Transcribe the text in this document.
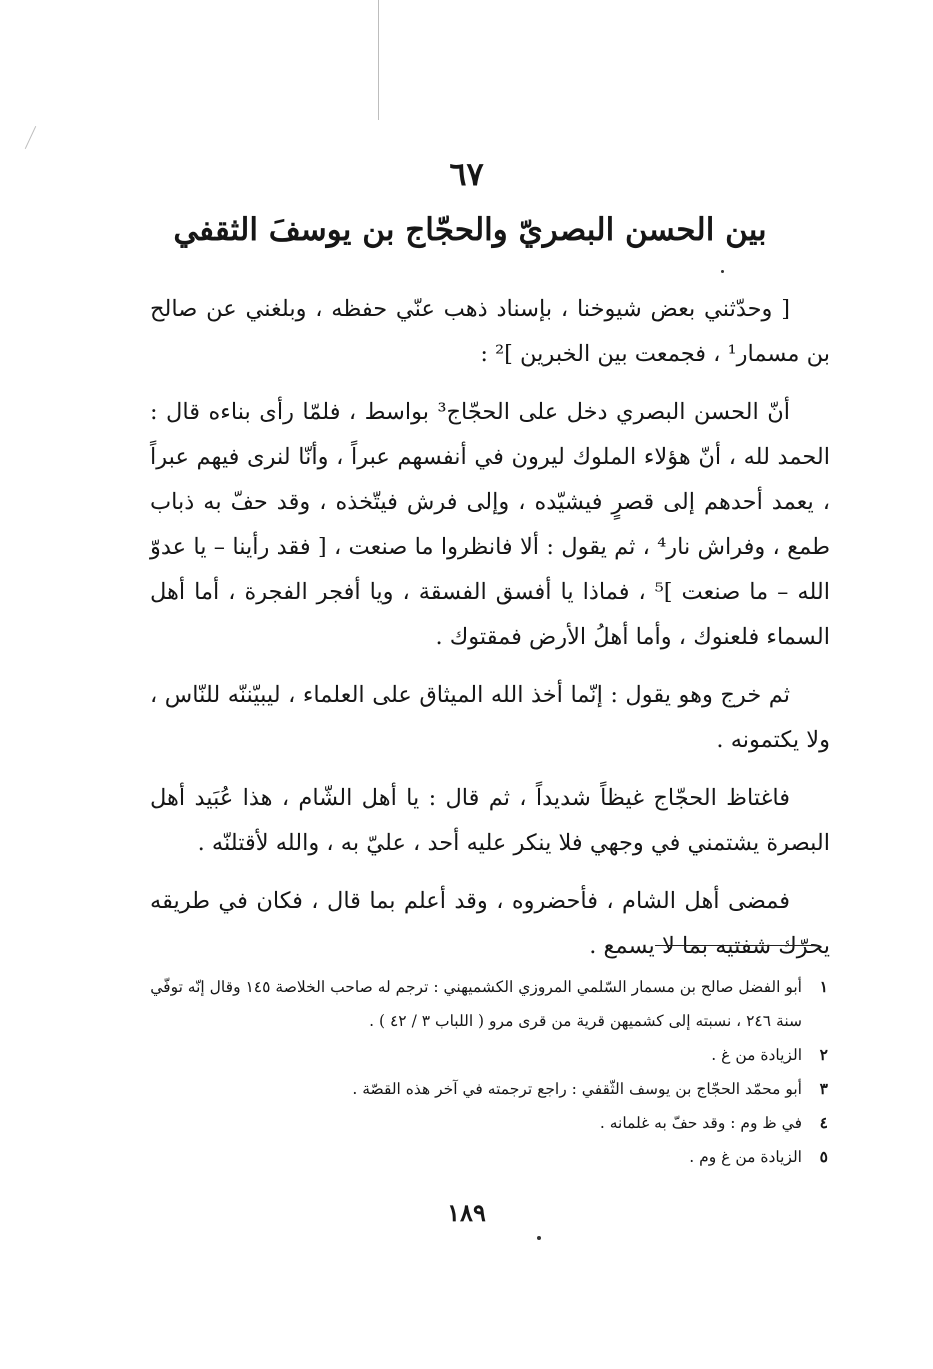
٦٧
بين الحسن البصريّ والحجّاج بن يوسفَ الثقفي

[ وحدّثني بعض شيوخنا ، بإسناد ذهب عنّي حفظه ، وبلغني عن صالح بن مسمار¹ ، فجمعت بين الخبرين ]² :

أنّ الحسن البصري دخل على الحجّاج³ بواسط ، فلمّا رأى بناءه قال : الحمد لله ، أنّ هؤلاء الملوك ليرون في أنفسهم عبراً ، وأنّا لنرى فيهم عبراً ، يعمد أحدهم إلى قصرٍ فيشيّده ، وإلى فرش فيتّخذه ، وقد حفّ به ذباب طمع ، وفراش نار⁴ ، ثم يقول : ألا فانظروا ما صنعت ، [ فقد رأينا – يا عدوّ الله – ما صنعت ]⁵ ، فماذا يا أفسق الفسقة ، ويا أفجر الفجرة ، أما أهل السماء فلعنوك ، وأما أهلُ الأرض فمقتوك .

ثم خرج وهو يقول : إنّما أخذ الله الميثاق على العلماء ، ليبيّننّه للنّاس ، ولا يكتمونه .

فاغتاظ الحجّاج غيظاً شديداً ، ثم قال : يا أهل الشّام ، هذا عُبَيد أهل البصرة يشتمني في وجهي فلا ينكر عليه أحد ، عليّ به ، والله لأقتلنّه .

فمضى أهل الشام ، فأحضروه ، وقد أعلم بما قال ، فكان في طريقه يحرّك شفتيه بما لا يسمع .

١
أبو الفضل صالح بن مسمار السّلمي المروزي الكشميهني : ترجم له صاحب الخلاصة ١٤٥ وقال إنّه توفّي سنة ٢٤٦ ، نسبته إلى كشميهن قرية من قرى مرو ( اللباب ٣ / ٤٢ ) .
٢
الزيادة من غ .
٣
أبو محمّد الحجّاج بن يوسف الثّقفي : راجع ترجمته في آخر هذه القصّة .
٤
في ظ وم : وقد حفّ به غلمانه .
٥
الزيادة من غ وم .
١٨٩
